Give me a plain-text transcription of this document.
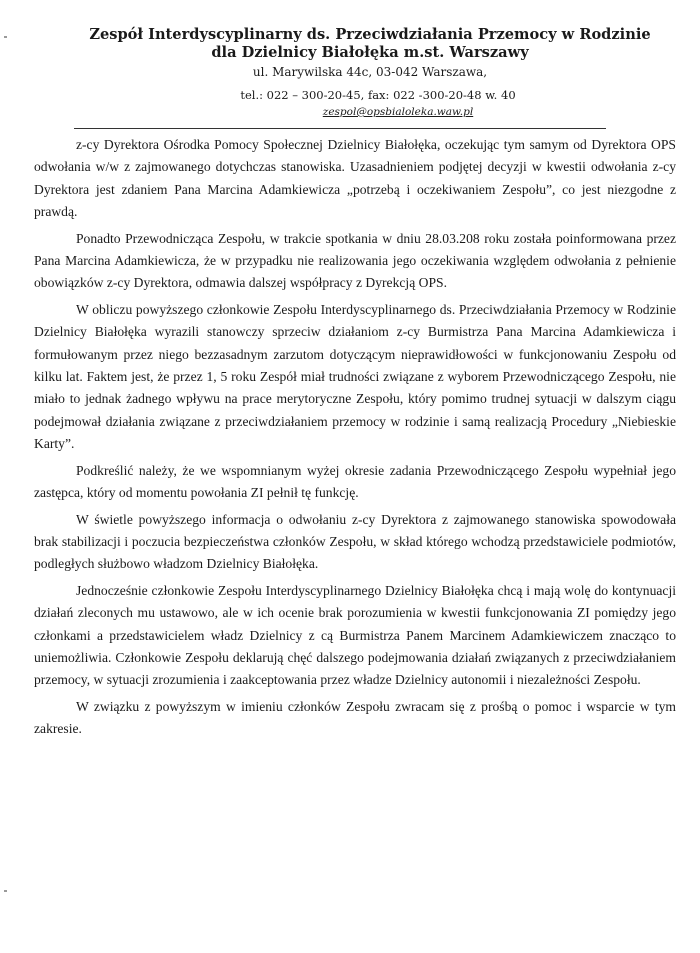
Zespół Interdyscyplinarny ds. Przeciwdziałania Przemocy w Rodzinie
dla Dzielnicy Białołęka m.st. Warszawy
ul. Marywilska 44c, 03-042 Warszawa,
tel.: 022 – 300-20-45, fax: 022 -300-20-48 w. 40
zespol@opsbialoleka.waw.pl

z-cy Dyrektora Ośrodka Pomocy Społecznej Dzielnicy Białołęka, oczekując tym samym od Dyrektora OPS odwołania w/w z zajmowanego dotychczas stanowiska. Uzasadnieniem podjętej decyzji w kwestii odwołania z-cy Dyrektora jest zdaniem Pana Marcina Adamkiewicza „potrzebą i oczekiwaniem Zespołu”, co jest niezgodne z prawdą.

Ponadto Przewodnicząca Zespołu, w trakcie spotkania w dniu 28.03.208 roku została poinformowana przez Pana Marcina Adamkiewicza, że w przypadku nie realizowania jego oczekiwania względem odwołania z pełnienie obowiązków z-cy Dyrektora, odmawia dalszej współpracy z Dyrekcją OPS.

W obliczu powyższego członkowie Zespołu Interdyscyplinarnego ds. Przeciwdziałania Przemocy w Rodzinie Dzielnicy Białołęka wyrazili stanowczy sprzeciw działaniom z-cy Burmistrza Pana Marcina Adamkiewicza i formułowanym przez niego bezzasadnym zarzutom dotyczącym nieprawidłowości w funkcjonowaniu Zespołu od kilku lat. Faktem jest, że przez 1, 5 roku Zespół miał trudności związane z wyborem Przewodniczącego Zespołu, nie miało to jednak żadnego wpływu na prace merytoryczne Zespołu, który pomimo trudnej sytuacji w dalszym ciągu podejmował działania związane z przeciwdziałaniem przemocy w rodzinie i samą realizacją Procedury „Niebieskie Karty”.

Podkreślić należy, że we wspomnianym wyżej okresie zadania Przewodniczącego Zespołu wypełniał jego zastępca, który od momentu powołania ZI pełnił tę funkcję.

W świetle powyższego informacja o odwołaniu z-cy Dyrektora z zajmowanego stanowiska spowodowała brak stabilizacji i poczucia bezpieczeństwa członków Zespołu, w skład którego wchodzą przedstawiciele podmiotów, podległych służbowo władzom Dzielnicy Białołęka.

Jednocześnie członkowie Zespołu Interdyscyplinarnego Dzielnicy Białołęka chcą i mają wolę do kontynuacji działań zleconych mu ustawowo, ale w ich ocenie brak porozumienia w kwestii funkcjonowania ZI pomiędzy jego członkami a przedstawicielem władz Dzielnicy z cą Burmistrza Panem Marcinem Adamkiewiczem znacząco to uniemożliwia. Członkowie Zespołu deklarują chęć dalszego podejmowania działań związanych z przeciwdziałaniem przemocy, w sytuacji zrozumienia i zaakceptowania przez władze Dzielnicy autonomii i niezależności Zespołu.

W związku z powyższym w imieniu członków Zespołu zwracam się z prośbą o pomoc i wsparcie w tym zakresie.
